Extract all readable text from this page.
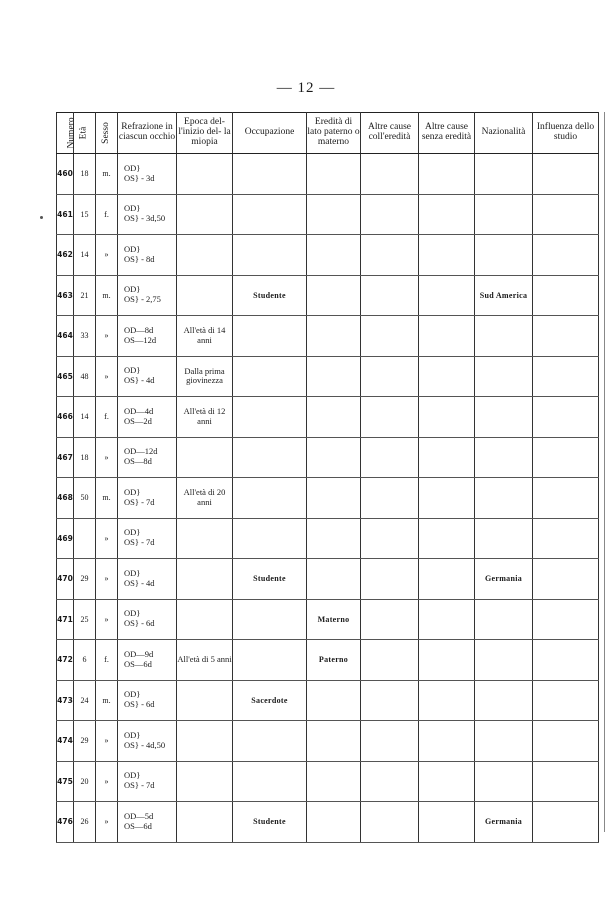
— 12 —
Numero	Età	Sesso	Refrazione in ciascun occhio	Epoca del- l'inizio del- la miopia	Occupazione	Eredità di lato paterno o materno	Altre cause coll'eredità	Altre cause senza eredità	Nazionalità	Influenza dello studio
460	18	m.	OD}
OS} - 3d							
461	15	f.	OD}
OS} - 3d,50							
462	14	»	OD}
OS} - 8d							
463	21	m.	OD}
OS} - 2,75		Studente				Sud America	
464	33	»	OD—8d
OS—12d	All'età di 14 anni						
465	48	»	OD}
OS} - 4d	Dalla prima giovinezza						
466	14	f.	OD—4d
OS—2d	All'età di 12 anni						
467	18	»	OD—12d
OS—8d							
468	50	m.	OD}
OS} - 7d	All'età di 20 anni						
469		»	OD}
OS} - 7d							
470	29	»	OD}
OS} - 4d		Studente				Germania	
471	25	»	OD}
OS} - 6d			Materno				
472	6	f.	OD—9d
OS—6d	All'età di 5 anni		Paterno				
473	24	m.	OD}
OS} - 6d		Sacerdote					
474	29	»	OD}
OS} - 4d,50							
475	20	»	OD}
OS} - 7d							
476	26	»	OD—5d
OS—6d		Studente				Germania	
